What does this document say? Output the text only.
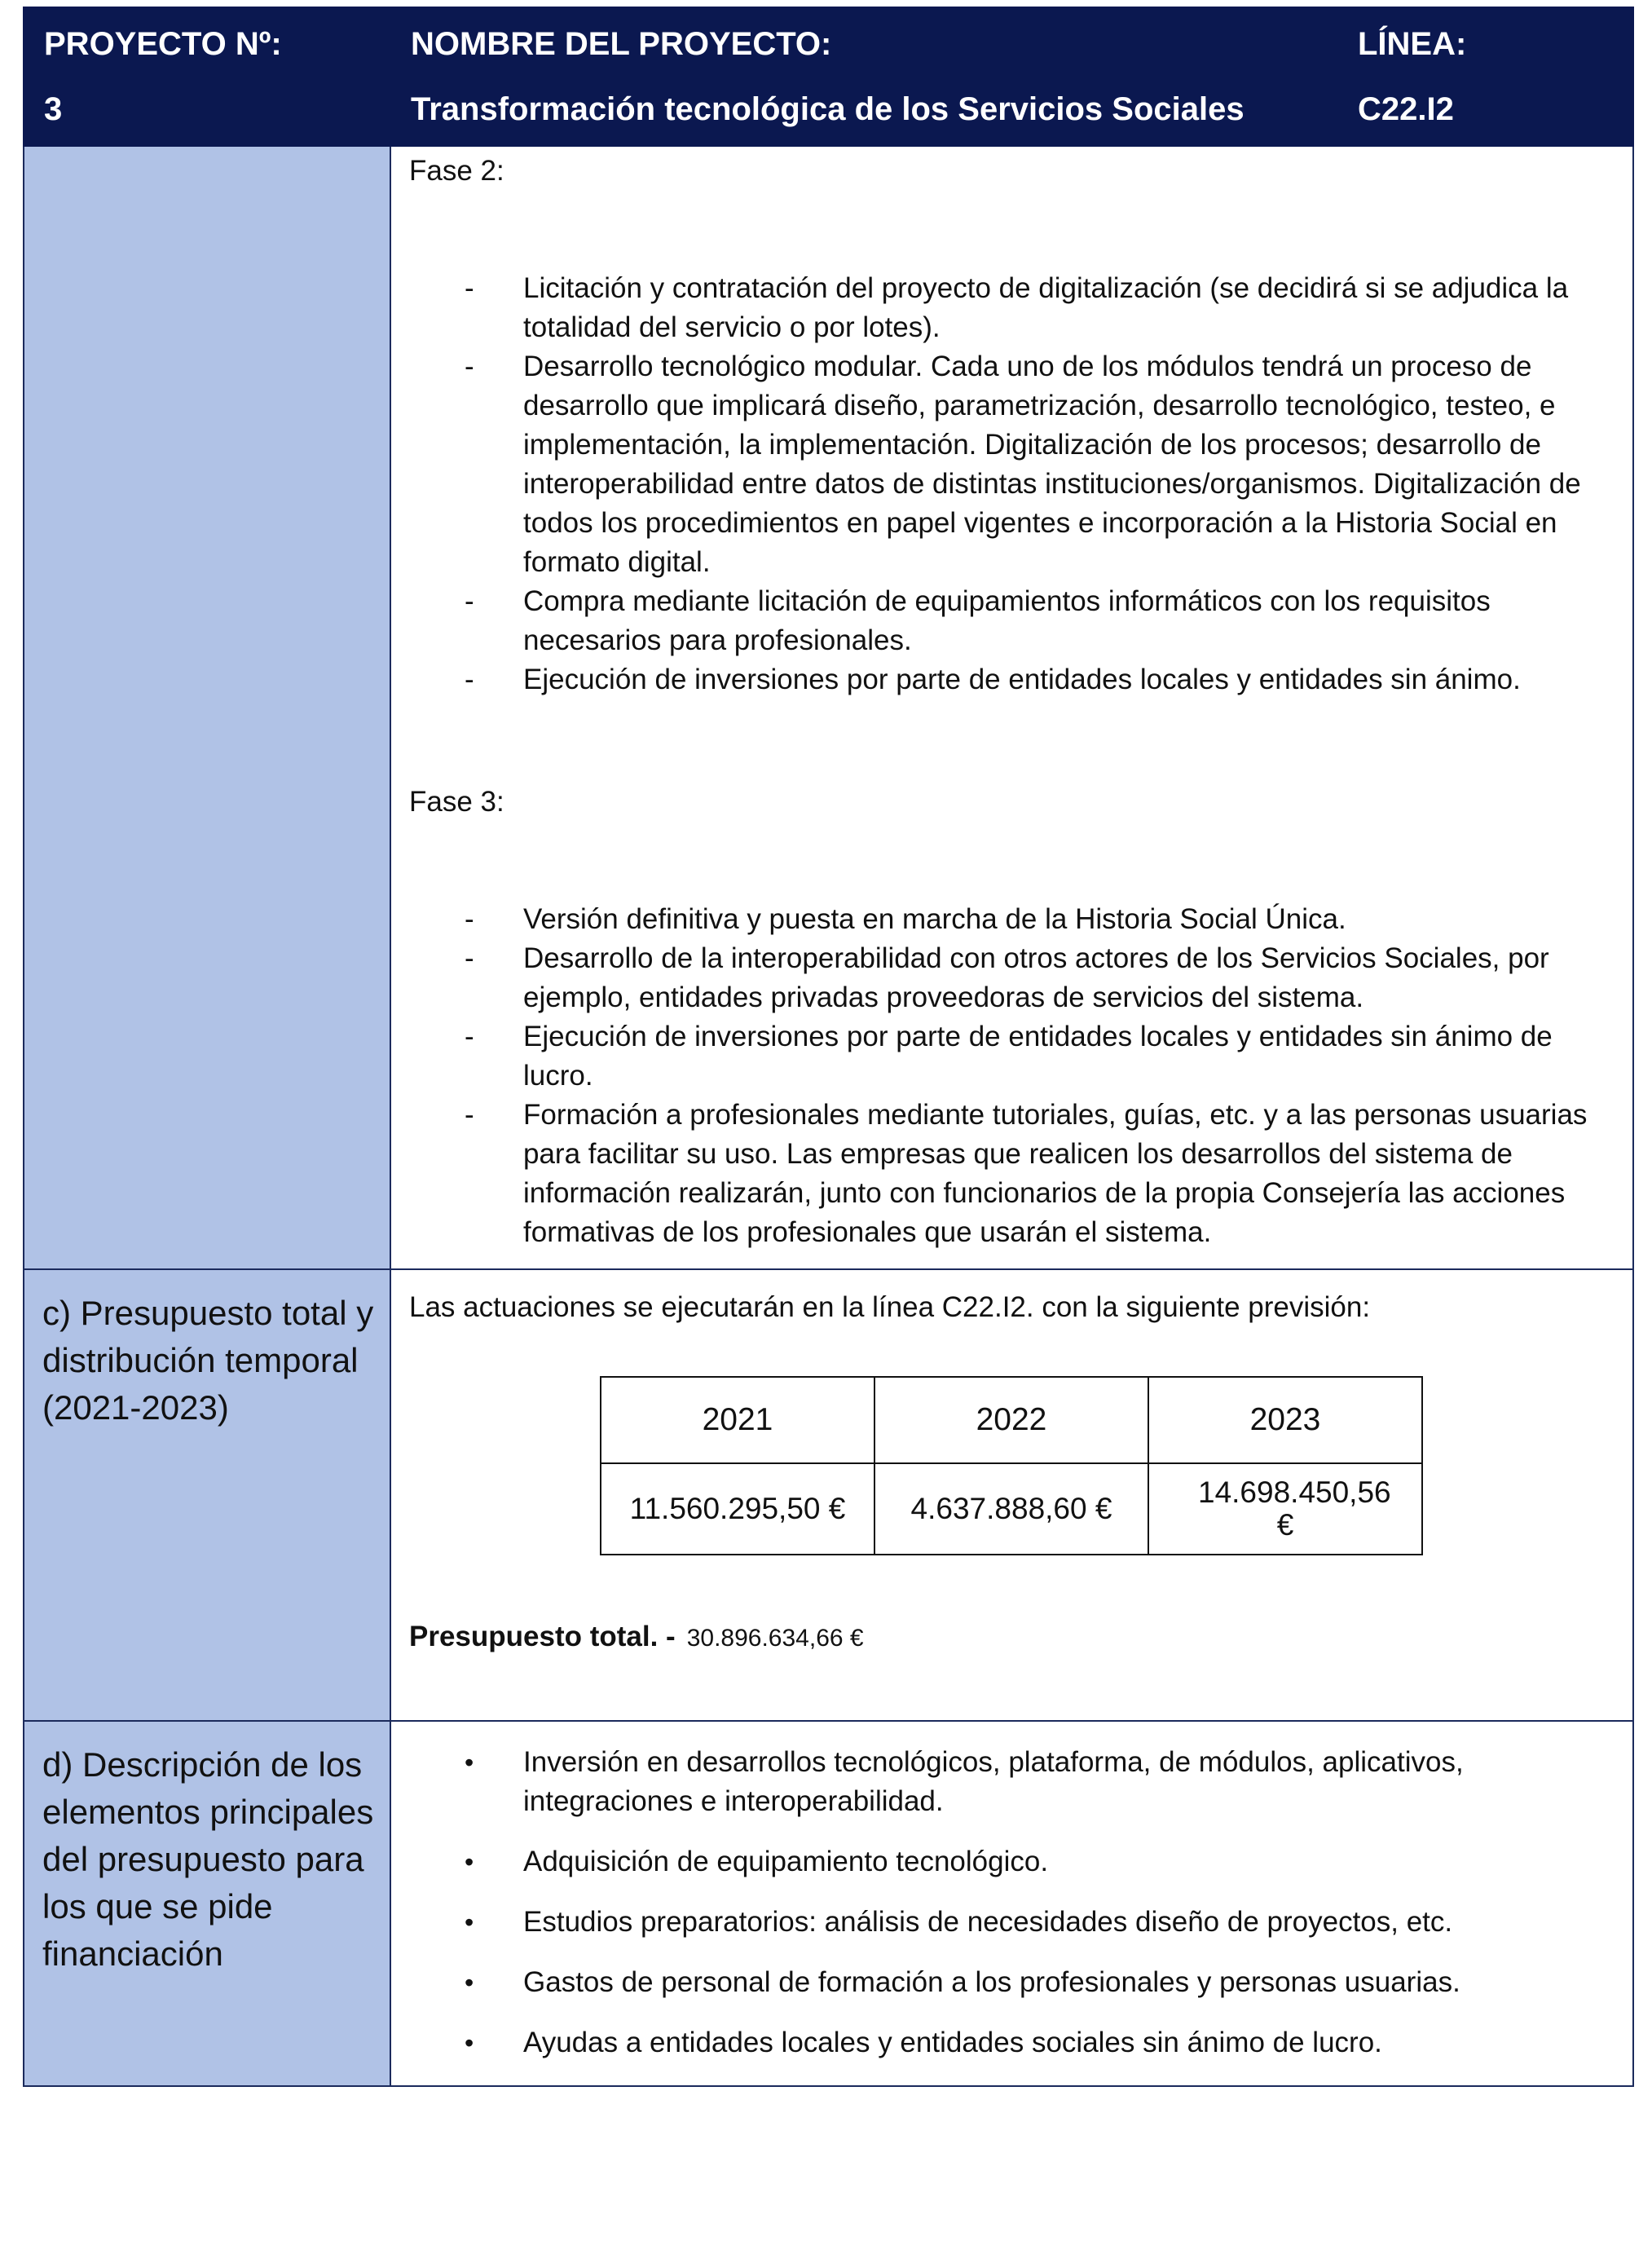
PROYECTO Nº:
3

NOMBRE DEL PROYECTO:
Transformación tecnológica de los Servicios Sociales

LÍNEA:
C22.I2

Fase 2:

- Licitación y contratación del proyecto de digitalización (se decidirá si se adjudica la totalidad del servicio o por lotes).
- Desarrollo tecnológico modular. Cada uno de los módulos tendrá un proceso de desarrollo que implicará diseño, parametrización, desarrollo tecnológico, testeo, e implementación, la implementación. Digitalización de los procesos; desarrollo de interoperabilidad entre datos de distintas instituciones/organismos. Digitalización de todos los procedimientos en papel vigentes e incorporación a la Historia Social en formato digital.
- Compra mediante licitación de equipamientos informáticos con los requisitos necesarios para profesionales.
- Ejecución de inversiones por parte de entidades locales y entidades sin ánimo.

Fase 3:

- Versión definitiva y puesta en marcha de la Historia Social Única.
- Desarrollo de la interoperabilidad con otros actores de los Servicios Sociales, por ejemplo, entidades privadas proveedoras de servicios del sistema.
- Ejecución de inversiones por parte de entidades locales y entidades sin ánimo de lucro.
- Formación a profesionales mediante tutoriales, guías, etc. y a las personas usuarias para facilitar su uso. Las empresas que realicen los desarrollos del sistema de información realizarán, junto con funcionarios de la propia Consejería las acciones formativas de los profesionales que usarán el sistema.

c) Presupuesto total y distribución temporal (2021-2023)	

Las actuaciones se ejecutarán en la línea C22.I2. con la siguiente previsión:

2021	2022	2023
11.560.295,50 €	4.637.888,60 €	14.698.450,56 €

Presupuesto total. - 30.896.634,66 €

d) Descripción de los elementos principales del presupuesto para los que se pide financiación	
• Inversión en desarrollos tecnológicos, plataforma, de módulos, aplicativos, integraciones e interoperabilidad.
• Adquisición de equipamiento tecnológico.
• Estudios preparatorios: análisis de necesidades diseño de proyectos, etc.
• Gastos de personal de formación a los profesionales y personas usuarias.
• Ayudas a entidades locales y entidades sociales sin ánimo de lucro.
